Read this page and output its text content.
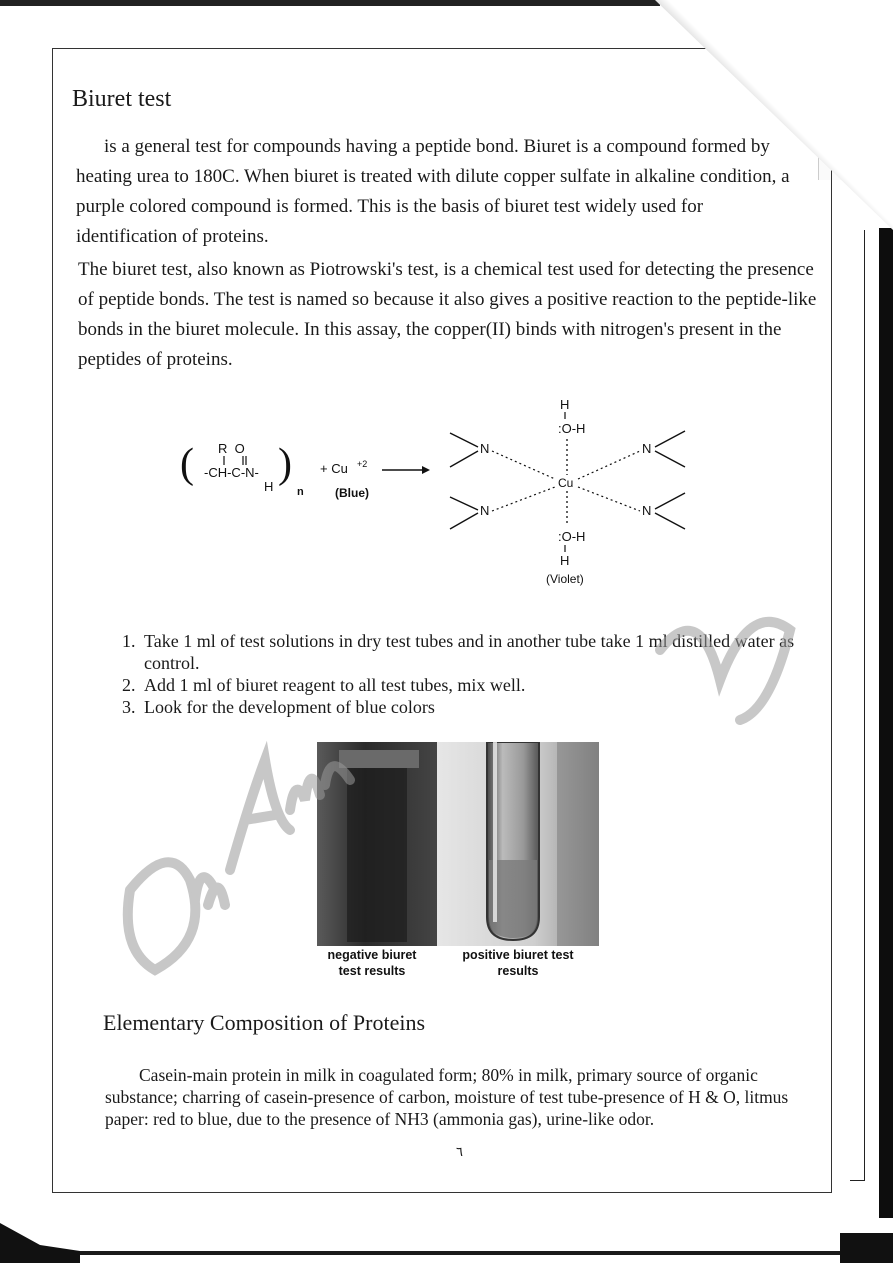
Biuret test

is a general test for compounds having a peptide bond. Biuret is a compound formed by heating urea to 180C. When biuret is treated with dilute copper sulfate in alkaline condition, a purple colored compound is formed. This is the basis of biuret test widely used for identification of proteins.

The biuret test, also known as Piotrowski's test, is a chemical test used for detecting the presence of peptide bonds. The test is named so because it also gives a positive reaction to the peptide-like bonds in the biuret molecule. In this assay, the copper(II) binds with nitrogen's present in the peptides of proteins.

( R  O
-CH-C-N-
H )
n
+ Cu +2
(Blue)
H
:O-H
Cu
:O-H
H
(Violet)
N
N
N
N
1. Take 1 ml of test solutions in dry test tubes and in another tube take 1 ml distilled water as control.
2. Add 1 ml of biuret reagent to all test tubes, mix well.
3. Look for the development of blue colors
negative biuret test results
positive biuret test results
Elementary Composition of Proteins

Casein-main protein in milk in coagulated form; 80% in milk, primary source of organic substance; charring of casein-presence of carbon, moisture of test tube-presence of H & O, litmus paper: red to blue, due to the presence of NH3 (ammonia gas), urine-like odor.

٦
